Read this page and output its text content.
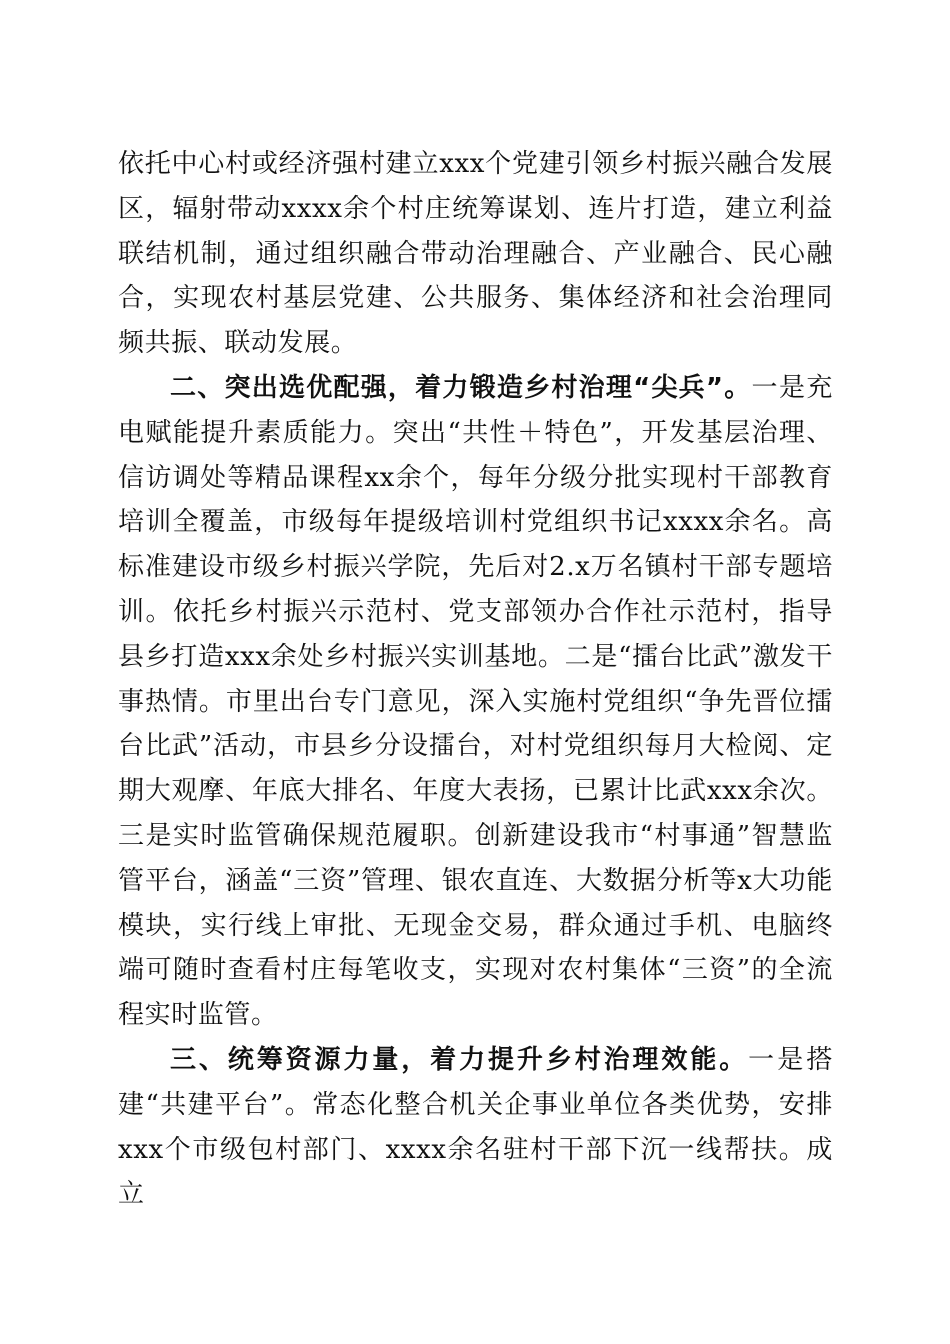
依托中心村或经济强村建立xxx个党建引领乡村振兴融合发展区，辐射带动xxxx余个村庄统筹谋划、连片打造，建立利益联结机制，通过组织融合带动治理融合、产业融合、民心融合，实现农村基层党建、公共服务、集体经济和社会治理同频共振、联动发展。

二、突出选优配强，着力锻造乡村治理“尖兵”。一是充电赋能提升素质能力。突出“共性＋特色”，开发基层治理、信访调处等精品课程xx余个，每年分级分批实现村干部教育培训全覆盖，市级每年提级培训村党组织书记xxxx余名。高标准建设市级乡村振兴学院，先后对2.x万名镇村干部专题培训。依托乡村振兴示范村、党支部领办合作社示范村，指导县乡打造xxx余处乡村振兴实训基地。二是“擂台比武”激发干事热情。市里出台专门意见，深入实施村党组织“争先晋位擂台比武”活动，市县乡分设擂台，对村党组织每月大检阅、定期大观摩、年底大排名、年度大表扬，已累计比武xxx余次。三是实时监管确保规范履职。创新建设我市“村事通”智慧监管平台，涵盖“三资”管理、银农直连、大数据分析等x大功能模块，实行线上审批、无现金交易，群众通过手机、电脑终端可随时查看村庄每笔收支，实现对农村集体“三资”的全流程实时监管。

三、统筹资源力量，着力提升乡村治理效能。一是搭建“共建平台”。常态化整合机关企事业单位各类优势，安排xxx个市级包村部门、xxxx余名驻村干部下沉一线帮扶。成立
